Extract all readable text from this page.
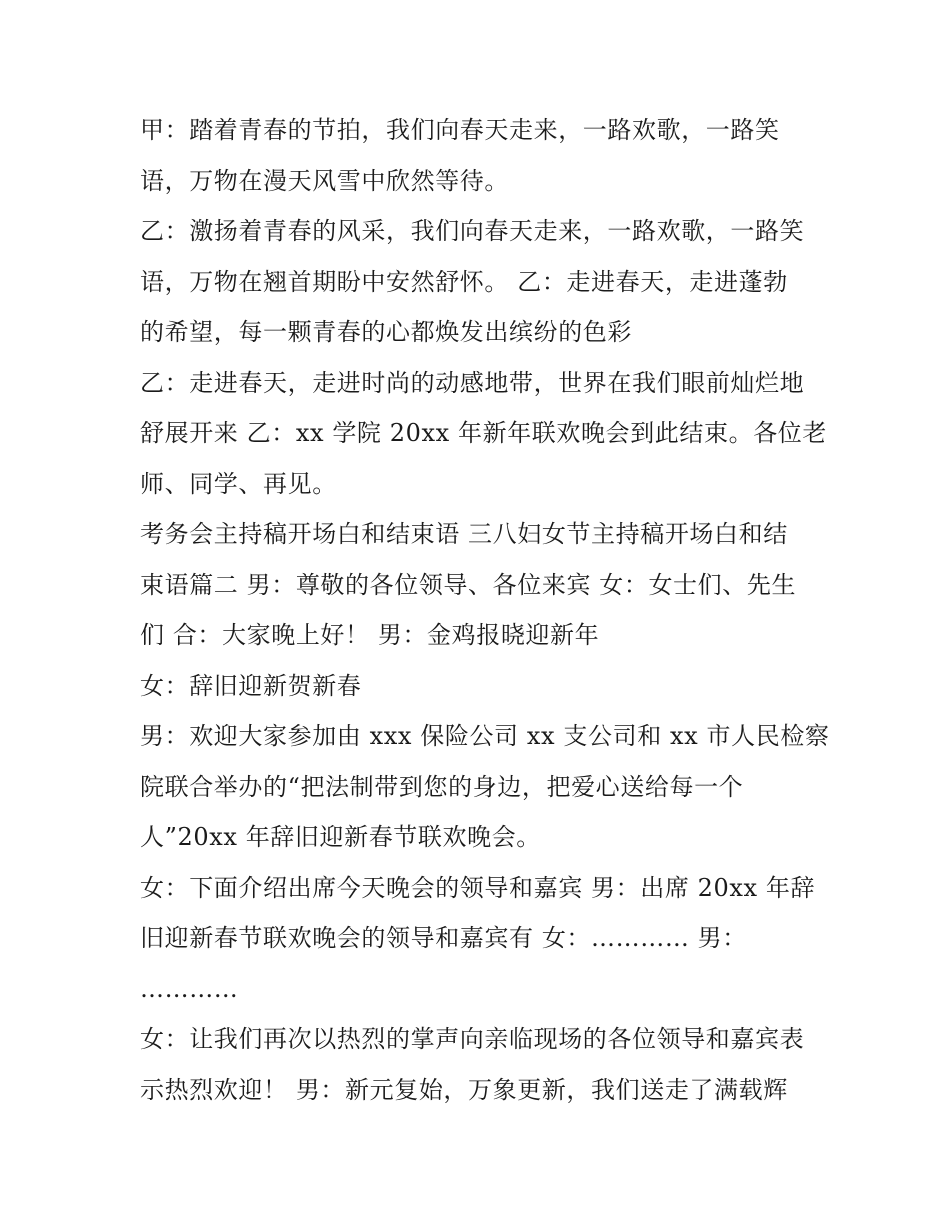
甲：踏着青春的节拍，我们向春天走来，一路欢歌，一路笑
语，万物在漫天风雪中欣然等待。
乙：激扬着青春的风采，我们向春天走来，一路欢歌，一路笑
语，万物在翘首期盼中安然舒怀。 乙：走进春天，走进蓬勃
的希望，每一颗青春的心都焕发出缤纷的色彩
乙：走进春天，走进时尚的动感地带，世界在我们眼前灿烂地
舒展开来 乙：xx 学院 20xx 年新年联欢晚会到此结束。各位老
师、同学、再见。
考务会主持稿开场白和结束语 三八妇女节主持稿开场白和结
束语篇二 男：尊敬的各位领导、各位来宾 女：女士们、先生
们 合：大家晚上好！ 男：金鸡报晓迎新年
女：辞旧迎新贺新春
男：欢迎大家参加由 xxx 保险公司 xx 支公司和 xx 市人民检察
院联合举办的“把法制带到您的身边，把爱心送给每一个
人”20xx 年辞旧迎新春节联欢晚会。
女：下面介绍出席今天晚会的领导和嘉宾 男：出席 20xx 年辞
旧迎新春节联欢晚会的领导和嘉宾有 女：………… 男：
…………
女：让我们再次以热烈的掌声向亲临现场的各位领导和嘉宾表
示热烈欢迎！ 男：新元复始，万象更新，我们送走了满载辉
